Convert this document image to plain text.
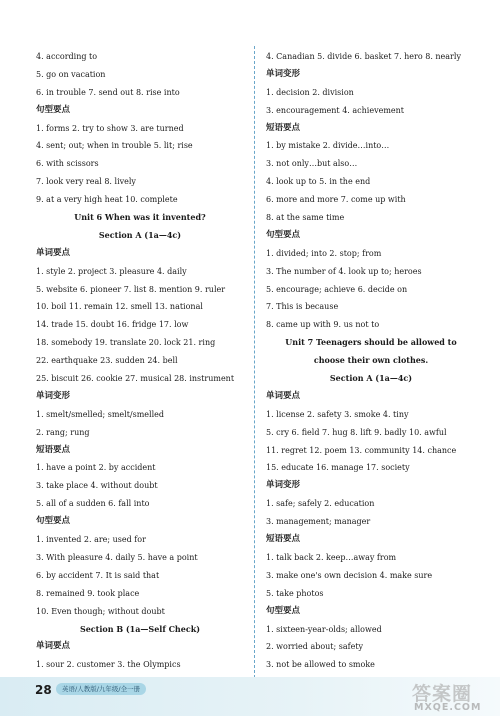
4. according to
5. go on vacation
6. in trouble 7. send out 8. rise into
句型要点
1. forms 2. try to show 3. are turned
4. sent; out; when in trouble 5. lit; rise
6. with scissors
7. look very real 8. lively
9. at a very high heat 10. complete
Unit 6 When was it invented?
Section A (1a—4c)
单词要点
1. style 2. project 3. pleasure 4. daily
5. website 6. pioneer 7. list 8. mention 9. ruler
10. boil 11. remain 12. smell 13. national
14. trade 15. doubt 16. fridge 17. low
18. somebody 19. translate 20. lock 21. ring
22. earthquake 23. sudden 24. bell
25. biscuit 26. cookie 27. musical 28. instrument
单词变形
1. smelt/smelled; smelt/smelled
2. rang; rung
短语要点
1. have a point 2. by accident
3. take place 4. without doubt
5. all of a sudden 6. fall into
句型要点
1. invented 2. are; used for
3. With pleasure 4. daily 5. have a point
6. by accident 7. It is said that
8. remained 9. took place
10. Even though; without doubt
Section B (1a—Self Check)
单词要点
1. sour 2. customer 3. the Olympics
4. Canadian 5. divide 6. basket 7. hero 8. nearly
单词变形
1. decision 2. division
3. encouragement 4. achievement
短语要点
1. by mistake 2. divide…into…
3. not only…but also…
4. look up to 5. in the end
6. more and more 7. come up with
8. at the same time
句型要点
1. divided; into 2. stop; from
3. The number of 4. look up to; heroes
5. encourage; achieve 6. decide on
7. This is because
8. came up with 9. us not to
Unit 7 Teenagers should be allowed to
choose their own clothes.
Section A (1a—4c)
单词要点
1. license 2. safety 3. smoke 4. tiny
5. cry 6. field 7. hug 8. lift 9. badly 10. awful
11. regret 12. poem 13. community 14. chance
15. educate 16. manage 17. society
单词变形
1. safe; safely 2. education
3. management; manager
短语要点
1. talk back 2. keep…away from
3. make one's own decision 4. make sure
5. take photos
句型要点
1. sixteen-year-olds; allowed
2. worried about; safety
3. not be allowed to smoke
28	英语/人教版/九年级/全一册	答案圈
MXQE.COM
